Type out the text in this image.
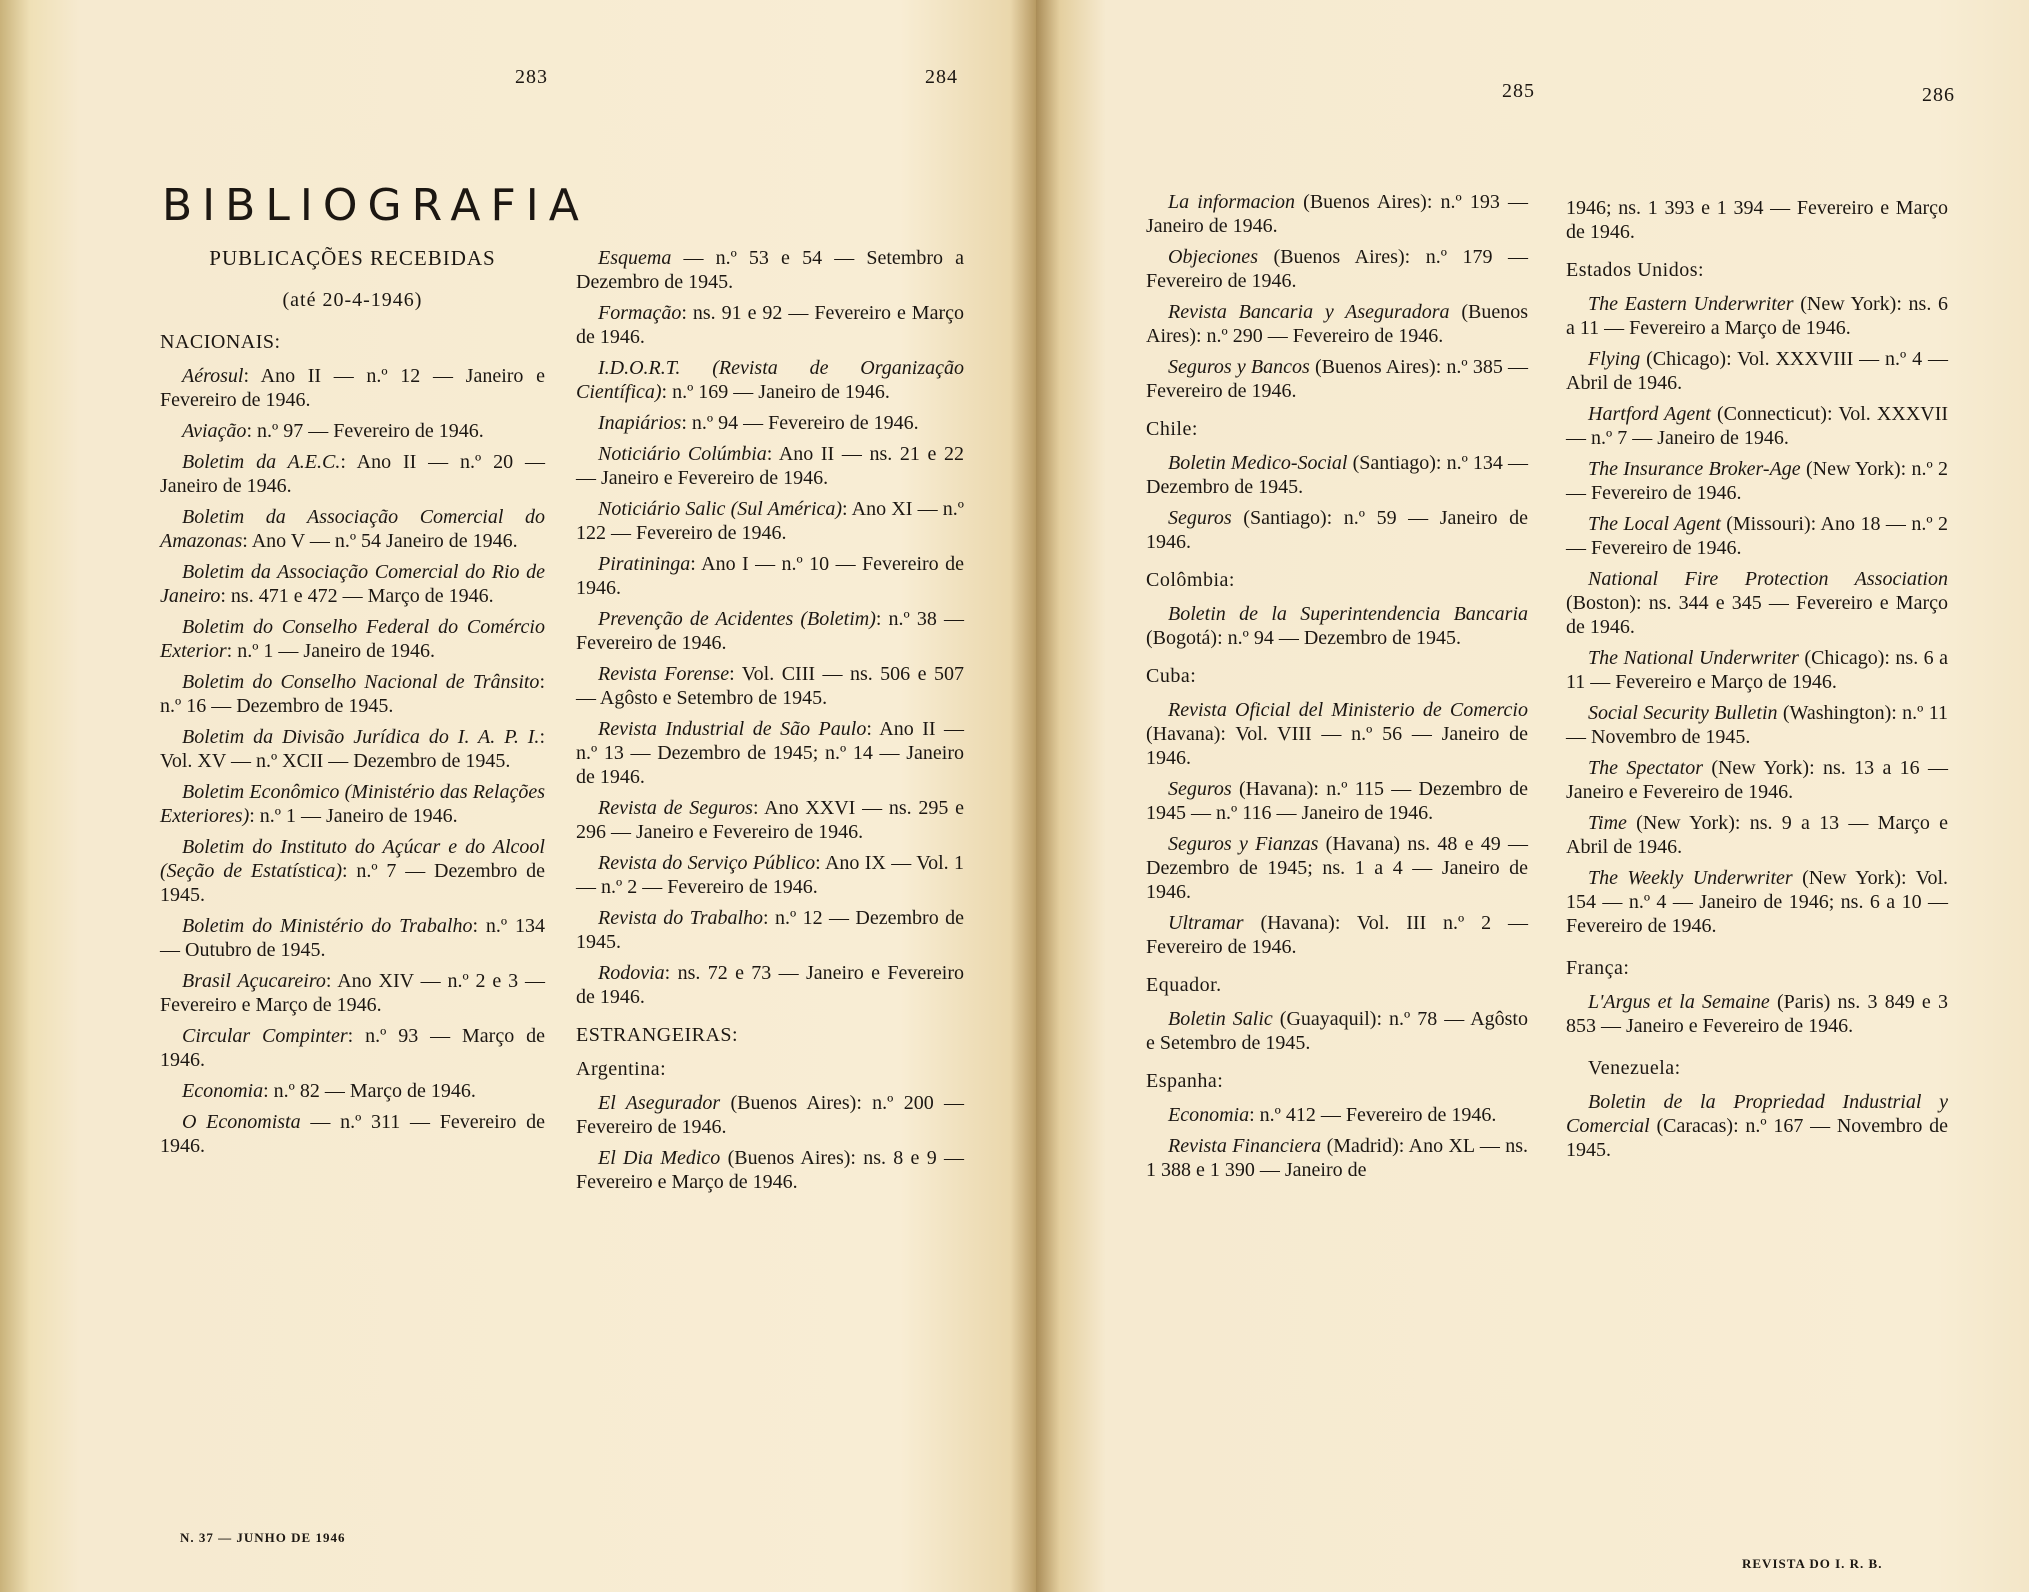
283	284
BIBLIOGRAFIA
PUBLICAÇÕES RECEBIDAS
(até 20-4-1946)
NACIONAIS:
Aérosul: Ano II — n.º 12 — Janeiro e Fevereiro de 1946.
Aviação: n.º 97 — Fevereiro de 1946.
Boletim da A.E.C.: Ano II — n.º 20 — Janeiro de 1946.
Boletim da Associação Comercial do Amazonas: Ano V — n.º 54 Janeiro de 1946.
Boletim da Associação Comercial do Rio de Janeiro: ns. 471 e 472 — Março de 1946.
Boletim do Conselho Federal do Comércio Exterior: n.º 1 — Janeiro de 1946.
Boletim do Conselho Nacional de Trânsito: n.º 16 — Dezembro de 1945.
Boletim da Divisão Jurídica do I. A. P. I.: Vol. XV — n.º XCII — Dezembro de 1945.
Boletim Econômico (Ministério das Relações Exteriores): n.º 1 — Janeiro de 1946.
Boletim do Instituto do Açúcar e do Alcool (Seção de Estatística): n.º 7 — Dezembro de 1945.
Boletim do Ministério do Trabalho: n.º 134 — Outubro de 1945.
Brasil Açucareiro: Ano XIV — n.º 2 e 3 — Fevereiro e Março de 1946.
Circular Compinter: n.º 93 — Março de 1946.
Economia: n.º 82 — Março de 1946.
O Economista — n.º 311 — Fevereiro de 1946.
Esquema — n.º 53 e 54 — Setembro a Dezembro de 1945.
Formação: ns. 91 e 92 — Fevereiro e Março de 1946.
I.D.O.R.T. (Revista de Organização Científica): n.º 169 — Janeiro de 1946.
Inapiários: n.º 94 — Fevereiro de 1946.
Noticiário Colúmbia: Ano II — ns. 21 e 22 — Janeiro e Fevereiro de 1946.
Noticiário Salic (Sul América): Ano XI — n.º 122 — Fevereiro de 1946.
Piratininga: Ano I — n.º 10 — Fevereiro de 1946.
Prevenção de Acidentes (Boletim): n.º 38 — Fevereiro de 1946.
Revista Forense: Vol. CIII — ns. 506 e 507 — Agôsto e Setembro de 1945.
Revista Industrial de São Paulo: Ano II — n.º 13 — Dezembro de 1945; n.º 14 — Janeiro de 1946.
Revista de Seguros: Ano XXVI — ns. 295 e 296 — Janeiro e Fevereiro de 1946.
Revista do Serviço Público: Ano IX — Vol. 1 — n.º 2 — Fevereiro de 1946.
Revista do Trabalho: n.º 12 — Dezembro de 1945.
Rodovia: ns. 72 e 73 — Janeiro e Fevereiro de 1946.
ESTRANGEIRAS:
Argentina:
El Asegurador (Buenos Aires): n.º 200 — Fevereiro de 1946.
El Dia Medico (Buenos Aires): ns. 8 e 9 — Fevereiro e Março de 1946.
N. 37 — JUNHO DE 1946
285	286
La informacion (Buenos Aires): n.º 193 — Janeiro de 1946.
Objeciones (Buenos Aires): n.º 179 — Fevereiro de 1946.
Revista Bancaria y Aseguradora (Buenos Aires): n.º 290 — Fevereiro de 1946.
Seguros y Bancos (Buenos Aires): n.º 385 — Fevereiro de 1946.
Chile:
Boletin Medico-Social (Santiago): n.º 134 — Dezembro de 1945.
Seguros (Santiago): n.º 59 — Janeiro de 1946.
Colômbia:
Boletin de la Superintendencia Bancaria (Bogotá): n.º 94 — Dezembro de 1945.
Cuba:
Revista Oficial del Ministerio de Comercio (Havana): Vol. VIII — n.º 56 — Janeiro de 1946.
Seguros (Havana): n.º 115 — Dezembro de 1945 — n.º 116 — Janeiro de 1946.
Seguros y Fianzas (Havana) ns. 48 e 49 — Dezembro de 1945; ns. 1 a 4 — Janeiro de 1946.
Ultramar (Havana): Vol. III n.º 2 — Fevereiro de 1946.
Equador.
Boletin Salic (Guayaquil): n.º 78 — Agôsto e Setembro de 1945.
Espanha:
Economia: n.º 412 — Fevereiro de 1946.
Revista Financiera (Madrid): Ano XL — ns. 1 388 e 1 390 — Janeiro de
1946; ns. 1 393 e 1 394 — Fevereiro e Março de 1946.
Estados Unidos:
The Eastern Underwriter (New York): ns. 6 a 11 — Fevereiro a Março de 1946.
Flying (Chicago): Vol. XXXVIII — n.º 4 — Abril de 1946.
Hartford Agent (Connecticut): Vol. XXXVII — n.º 7 — Janeiro de 1946.
The Insurance Broker-Age (New York): n.º 2 — Fevereiro de 1946.
The Local Agent (Missouri): Ano 18 — n.º 2 — Fevereiro de 1946.
National Fire Protection Association (Boston): ns. 344 e 345 — Fevereiro e Março de 1946.
The National Underwriter (Chicago): ns. 6 a 11 — Fevereiro e Março de 1946.
Social Security Bulletin (Washington): n.º 11 — Novembro de 1945.
The Spectator (New York): ns. 13 a 16 — Janeiro e Fevereiro de 1946.
Time (New York): ns. 9 a 13 — Março e Abril de 1946.
The Weekly Underwriter (New York): Vol. 154 — n.º 4 — Janeiro de 1946; ns. 6 a 10 — Fevereiro de 1946.
França:
L'Argus et la Semaine (Paris) ns. 3 849 e 3 853 — Janeiro e Fevereiro de 1946.
Venezuela:
Boletin de la Propriedad Industrial y Comercial (Caracas): n.º 167 — Novembro de 1945.
REVISTA DO I. R. B.
